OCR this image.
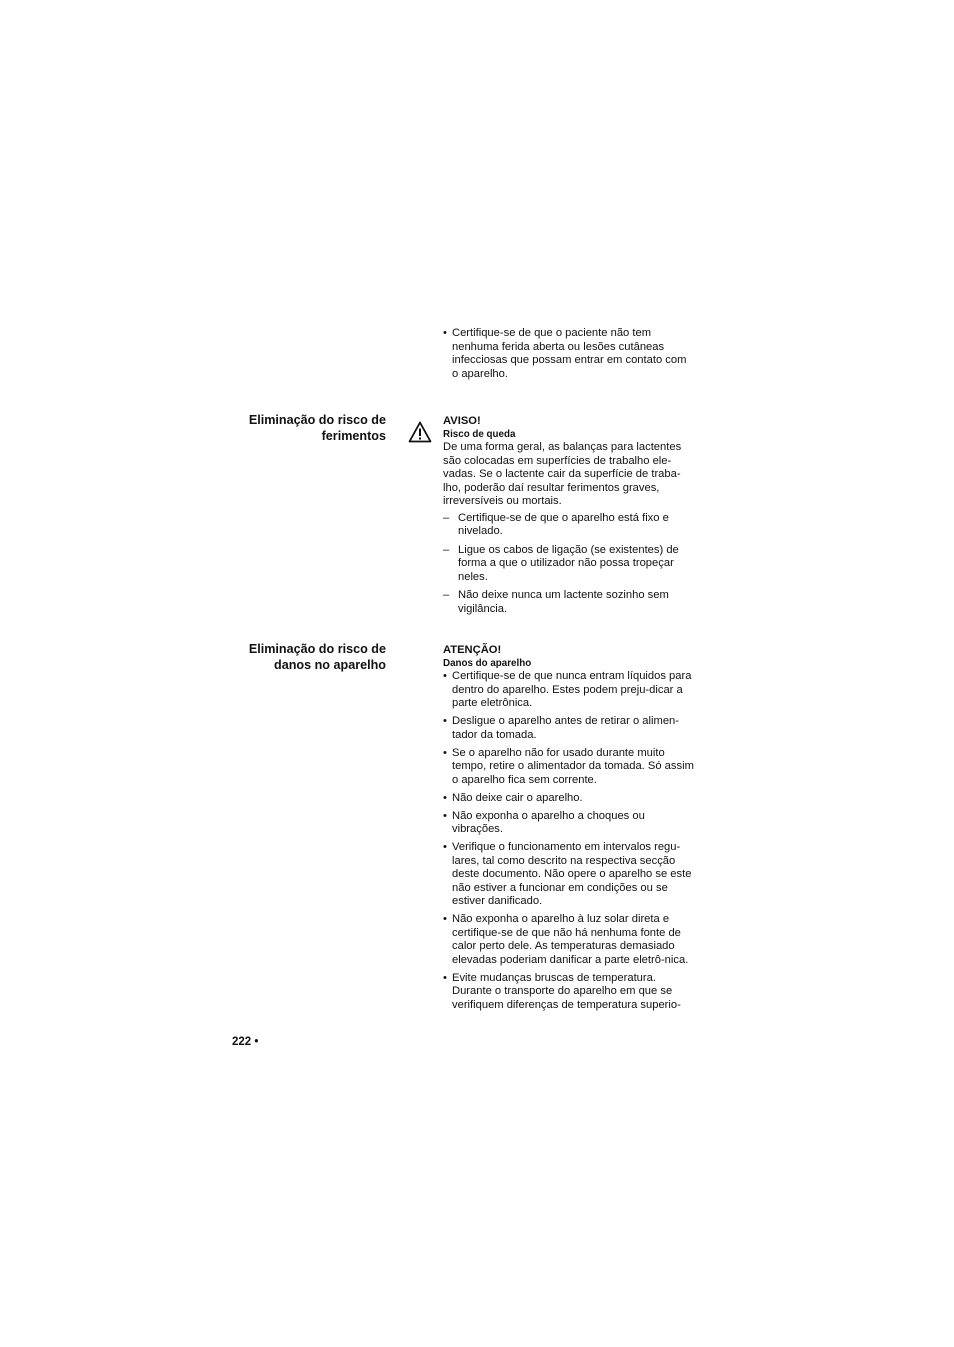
• Certifique-se de que o paciente não tem nenhuma ferida aberta ou lesões cutâneas infecciosas que possam entrar em contato com o aparelho.
Eliminação do risco de
ferimentos
AVISO!
Risco de queda
De uma forma geral, as balanças para lactentes são colocadas em superfícies de trabalho ele-vadas. Se o lactente cair da superfície de traba-lho, poderão daí resultar ferimentos graves, irreversíveis ou mortais.
– Certifique-se de que o aparelho está fixo e nivelado.
– Ligue os cabos de ligação (se existentes) de forma a que o utilizador não possa tropeçar neles.
– Não deixe nunca um lactente sozinho sem vigilância.
Eliminação do risco de
danos no aparelho
ATENÇÃO!
Danos do aparelho
• Certifique-se de que nunca entram líquidos para dentro do aparelho. Estes podem preju-dicar a parte eletrônica.
• Desligue o aparelho antes de retirar o alimen-tador da tomada.
• Se o aparelho não for usado durante muito tempo, retire o alimentador da tomada. Só assim o aparelho fica sem corrente.
• Não deixe cair o aparelho.
• Não exponha o aparelho a choques ou vibrações.
• Verifique o funcionamento em intervalos regu-lares, tal como descrito na respectiva secção deste documento. Não opere o aparelho se este não estiver a funcionar em condições ou se estiver danificado.
• Não exponha o aparelho à luz solar direta e certifique-se de que não há nenhuma fonte de calor perto dele. As temperaturas demasiado elevadas poderiam danificar a parte eletrô-nica.
• Evite mudanças bruscas de temperatura. Durante o transporte do aparelho em que se verifiquem diferenças de temperatura superio-
222 •
